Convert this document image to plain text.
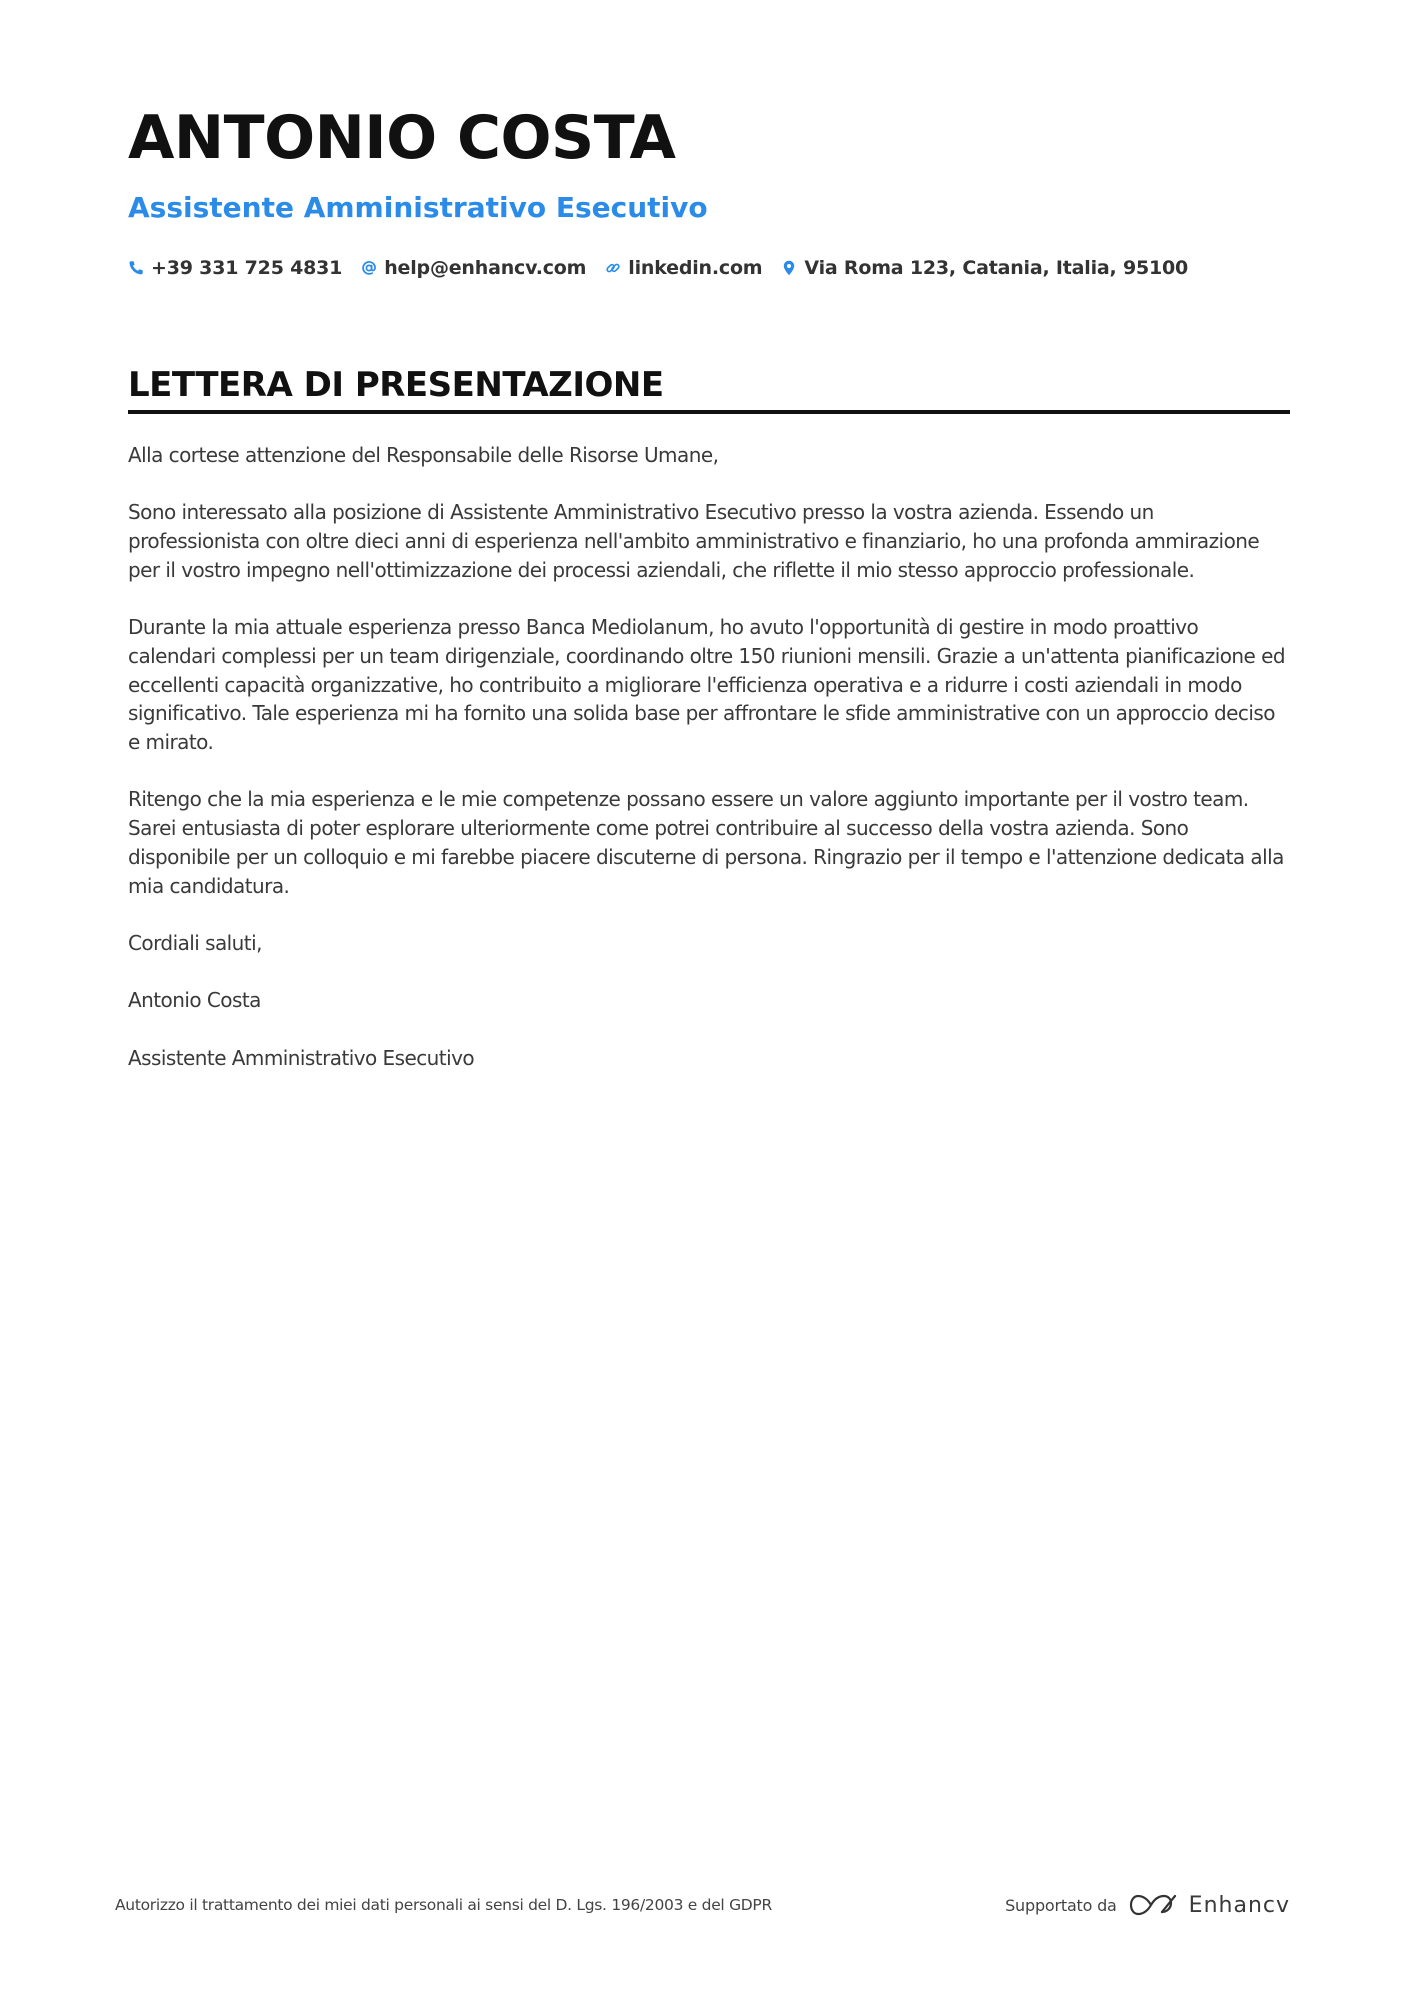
ANTONIO COSTA
Assistente Amministrativo Esecutivo
+39 331 725 4831 help@enhancv.com linkedin.com Via Roma 123, Catania, Italia, 95100
LETTERA DI PRESENTAZIONE

Alla cortese attenzione del Responsabile delle Risorse Umane,

Sono interessato alla posizione di Assistente Amministrativo Esecutivo presso la vostra azienda. Essendo un professionista con oltre dieci anni di esperienza nell'ambito amministrativo e finanziario, ho una profonda ammirazione per il vostro impegno nell'ottimizzazione dei processi aziendali, che riflette il mio stesso approccio professionale.

Durante la mia attuale esperienza presso Banca Mediolanum, ho avuto l'opportunità di gestire in modo proattivo calendari complessi per un team dirigenziale, coordinando oltre 150 riunioni mensili. Grazie a un'attenta pianificazione ed eccellenti capacità organizzative, ho contribuito a migliorare l'efficienza operativa e a ridurre i costi aziendali in modo significativo. Tale esperienza mi ha fornito una solida base per affrontare le sfide amministrative con un approccio deciso e mirato.

Ritengo che la mia esperienza e le mie competenze possano essere un valore aggiunto importante per il vostro team. Sarei entusiasta di poter esplorare ulteriormente come potrei contribuire al successo della vostra azienda. Sono disponibile per un colloquio e mi farebbe piacere discuterne di persona. Ringrazio per il tempo e l'attenzione dedicata alla mia candidatura.

Cordiali saluti,

Antonio Costa

Assistente Amministrativo Esecutivo

Autorizzo il trattamento dei miei dati personali ai sensi del D. Lgs. 196/2003 e del GDPR	Supportato da	Enhancv
